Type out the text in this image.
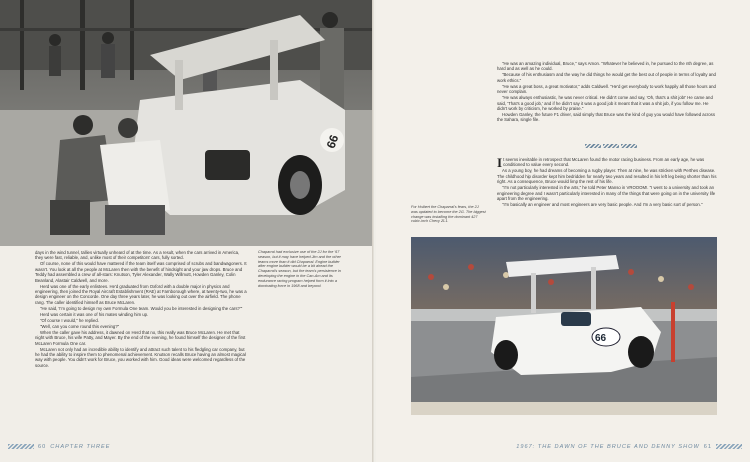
66

days in the wind tunnel, tallies virtually unheard of at the time. As a result, when the cars arrived in America, they were fast, reliable, and, unlike most of their competitors' cars, fully sorted.

Of course, none of this would have mattered if the team itself was comprised of scrubs and bandwagoners. It wasn't. You look at all the people at McLaren then with the benefit of hindsight and your jaw drops. Bruce and Teddy had assembled a crew of all-stars: Knutson, Tyler Alexander, Wally Willmott, Howden Ganley, Colin Beanland, Alastair Caldwell, and more.

Herd was one of the early enlistees. He'd graduated from Oxford with a double major in physics and engineering, then joined the Royal Aircraft Establishment (RAE) at Farnborough where, at twenty-two, he was a design engineer on the Concorde. One day three years later, he was looking out over the airfield. The phone rang. The caller identified himself as Bruce McLaren.

"He said, 'I'm going to design my own Formula One team. Would you be interested in designing the cars?'"

Herd was certain it was one of his mates winding him up.

"Of course I would," he replied.

"Well, can you come round this evening?"

When the caller gave his address, it dawned on Herd that no, this really was Bruce McLaren. He met that night with Bruce, his wife Patty, and Mayer. By the end of the evening, he found himself the designer of the first McLaren Formula One car.

McLaren not only had an incredible ability to identify and attract such talent to his fledgling car company, but he had the ability to inspire them to phenomenal achievement. Knutson recalls Bruce having an almost magical way with people. You didn't work for Bruce, you worked with him. Good ideas were welcomed regardless of the source.

Chaparral had exclusive use of the 2J for the '67 season, but it may have helped Jim and the other teams more than it did Chaparral. Engine builder after engine builder would be a bit ahead the Chaparral's season, but the team's persistence in developing the engine in the Can-Am and its endurance racing program helped form it into a dominating force in 1968 and beyond.
60 CHAPTER THREE

"He was an amazing individual, Bruce," says Amon. "Whatever he believed in, he pursued to the nth degree, as hard and as well as he could.

"Because of his enthusiasm and the way he did things he would get the best out of people in terms of loyalty and work ethics."

"He was a great boss, a great motivator," adds Caldwell. "He'd get everybody to work happily all those hours and never complain.

"He was always enthusiastic, he was never critical. He didn't come and say, 'Oh, that's a shit job!' He came and said, 'That's a good job,' and if he didn't say it was a good job it meant that it was a shit job, if you follow me. He didn't work by criticism, he worked by praise."

Howden Ganley, the future F1 driver, said simply that Bruce was the kind of guy you would have followed across the Sahara, single file.

It seems inevitable in retrospect that McLaren found the motor racing business. From an early age, he was conditioned to value every second.

As a young boy, he had dreams of becoming a rugby player. Then at nine, he was stricken with Perthes disease. The childhood hip disorder kept him bedridden for nearly two years and resulted in his left leg being shorter than his right. As a consequence, Bruce would limp the rest of his life.

"I'm not particularly interested in the arts," he told Peter Manso in VROOOM!. "I went to a university and took an engineering degree and I wasn't particularly interested in many of the things that were going on in the university life apart from the engineering.

"I'm basically an engineer and most engineers are very basic people. And I'm a very basic sort of person."

For Holbert the Chaparral's fears, the 2J was updated to become the 2G. The biggest change was installing the dominant 427 cubic-inch Chevy ZL1.
66
1967: THE DAWN OF THE BRUCE AND DENNY SHOW 61
